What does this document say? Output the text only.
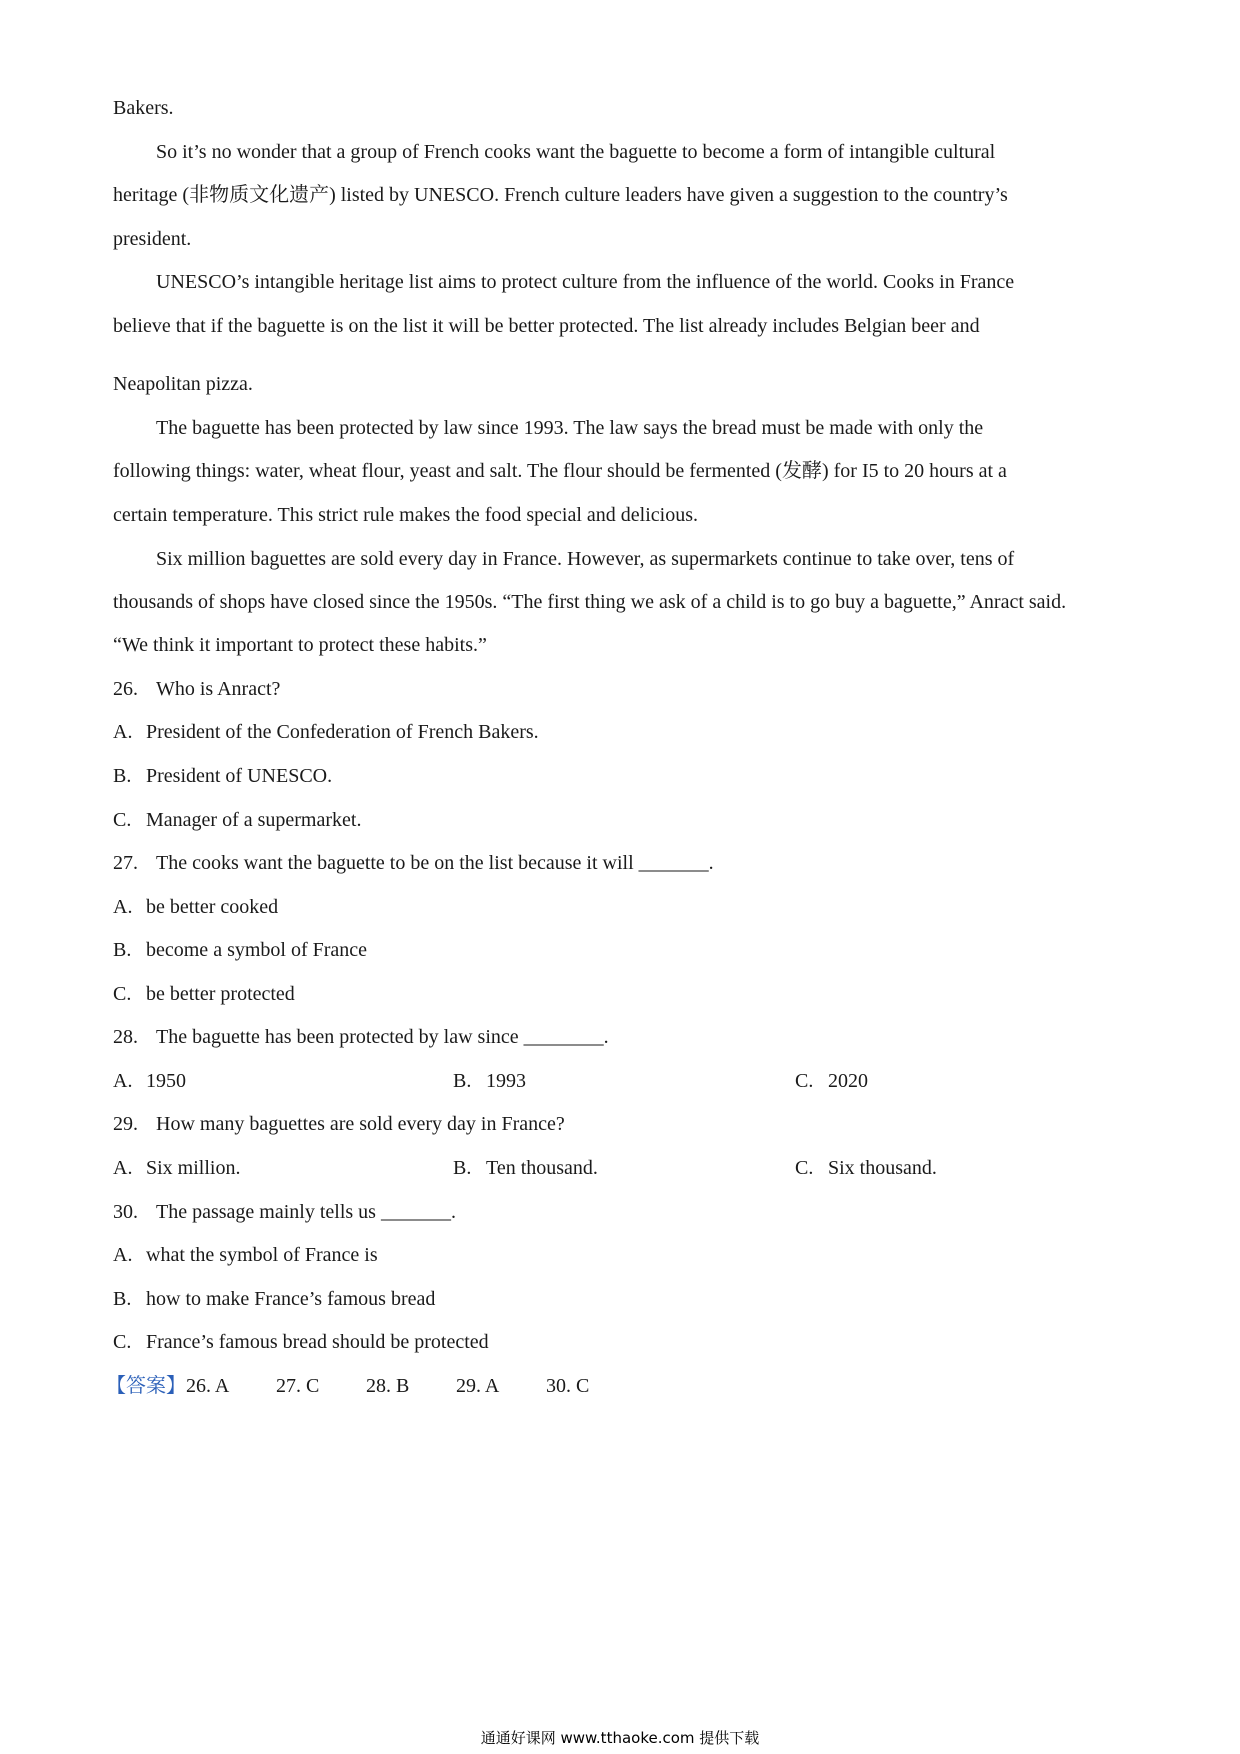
Bakers.
So it’s no wonder that a group of French cooks want the baguette to become a form of intangible cultural
heritage (非物质文化遗产) listed by UNESCO. French culture leaders have given a suggestion to the country’s
president.
UNESCO’s intangible heritage list aims to protect culture from the influence of the world. Cooks in France
believe that if the baguette is on the list it will be better protected. The list already includes Belgian beer and
Neapolitan pizza.
The baguette has been protected by law since 1993. The law says the bread must be made with only the
following things: water, wheat flour, yeast and salt. The flour should be fermented (发酵) for I5 to 20 hours at a
certain temperature. This strict rule makes the food special and delicious.
Six million baguettes are sold every day in France. However, as supermarkets continue to take over, tens of
thousands of shops have closed since the 1950s. “The first thing we ask of a child is to go buy a baguette,” Anract said.
“We think it important to protect these habits.”
26. Who is Anract?
A. President of the Confederation of French Bakers.
B. President of UNESCO.
C. Manager of a supermarket.
27. The cooks want the baguette to be on the list because it will _______.
A. be better cooked
B. become a symbol of France
C. be better protected
28. The baguette has been protected by law since ________.
A. 1950	B. 1993	C. 2020
29. How many baguettes are sold every day in France?
A. Six million.	B. Ten thousand.	C. Six thousand.
30. The passage mainly tells us _______.
A. what the symbol of France is
B. how to make France’s famous bread
C. France’s famous bread should be protected
【答案】26. A 27. C 28. B 29. A 30. C
通通好课网 www.tthaoke.com 提供下载
